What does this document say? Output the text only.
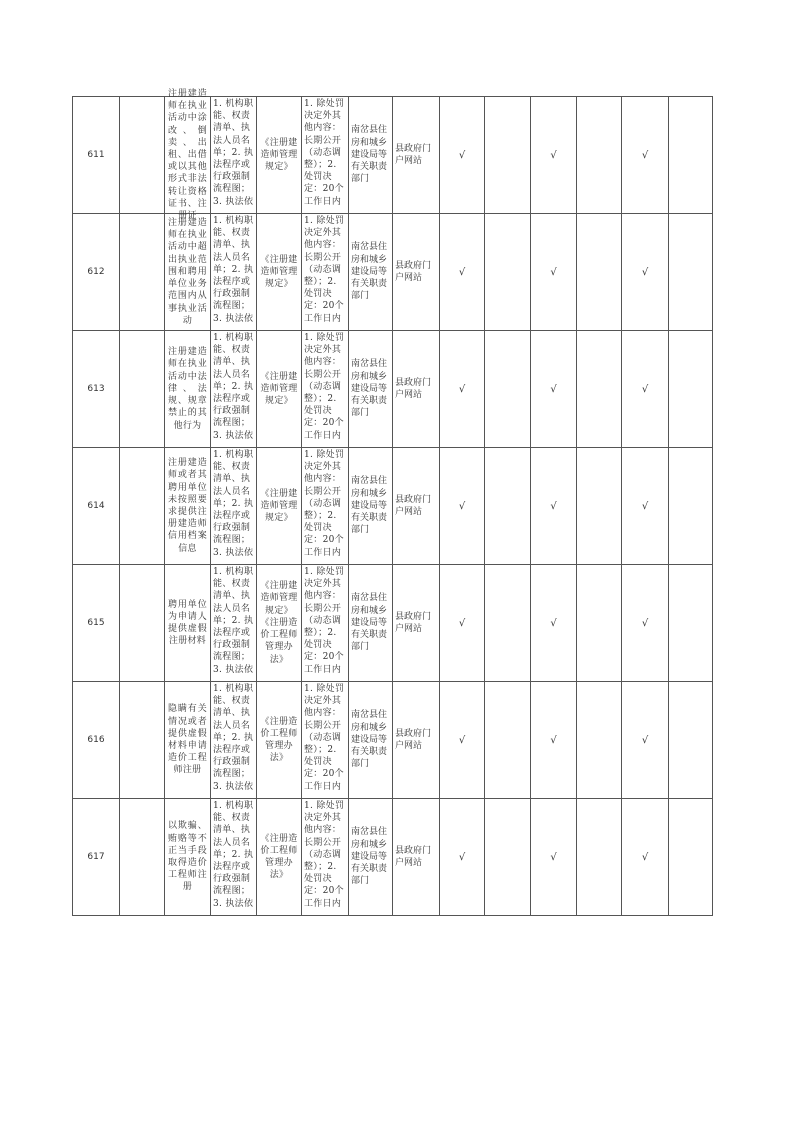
611		注册建造师在执业活动中涂改、倒卖、出租、出借或以其他形式非法转让资格证书、注册证	1. 机构职能、权责清单、执法人员名单；2. 执法程序或行政强制流程图；3. 执法依	《注册建造师管理规定》	1. 除处罚决定外其他内容：长期公开（动态调整）；2. 处罚决定：20个工作日内	南岔县住房和城乡建设局等有关职责部门	县政府门户网站	√		√		√	
612		注册建造师在执业活动中超出执业范围和聘用单位业务范围内从事执业活动	1. 机构职能、权责清单、执法人员名单；2. 执法程序或行政强制流程图；3. 执法依	《注册建造师管理规定》	1. 除处罚决定外其他内容：长期公开（动态调整）；2. 处罚决定：20个工作日内	南岔县住房和城乡建设局等有关职责部门	县政府门户网站	√		√		√	
613		注册建造师在执业活动中法律、法规、规章禁止的其他行为	1. 机构职能、权责清单、执法人员名单；2. 执法程序或行政强制流程图；3. 执法依	《注册建造师管理规定》	1. 除处罚决定外其他内容：长期公开（动态调整）；2. 处罚决定：20个工作日内	南岔县住房和城乡建设局等有关职责部门	县政府门户网站	√		√		√	
614		注册建造师或者其聘用单位未按照要求提供注册建造师信用档案信息	1. 机构职能、权责清单、执法人员名单；2. 执法程序或行政强制流程图；3. 执法依	《注册建造师管理规定》	1. 除处罚决定外其他内容：长期公开（动态调整）；2. 处罚决定：20个工作日内	南岔县住房和城乡建设局等有关职责部门	县政府门户网站	√		√		√	
615		聘用单位为申请人提供虚假注册材料	1. 机构职能、权责清单、执法人员名单；2. 执法程序或行政强制流程图；3. 执法依	《注册建造师管理规定》《注册造价工程师管理办法》	1. 除处罚决定外其他内容：长期公开（动态调整）；2. 处罚决定：20个工作日内	南岔县住房和城乡建设局等有关职责部门	县政府门户网站	√		√		√	
616		隐瞒有关情况或者提供虚假材料申请造价工程师注册	1. 机构职能、权责清单、执法人员名单；2. 执法程序或行政强制流程图；3. 执法依	《注册造价工程师管理办法》	1. 除处罚决定外其他内容：长期公开（动态调整）；2. 处罚决定：20个工作日内	南岔县住房和城乡建设局等有关职责部门	县政府门户网站	√		√		√	
617		以欺骗、贿赂等不正当手段取得造价工程师注册	1. 机构职能、权责清单、执法人员名单；2. 执法程序或行政强制流程图；3. 执法依	《注册造价工程师管理办法》	1. 除处罚决定外其他内容：长期公开（动态调整）；2. 处罚决定：20个工作日内	南岔县住房和城乡建设局等有关职责部门	县政府门户网站	√		√		√	
